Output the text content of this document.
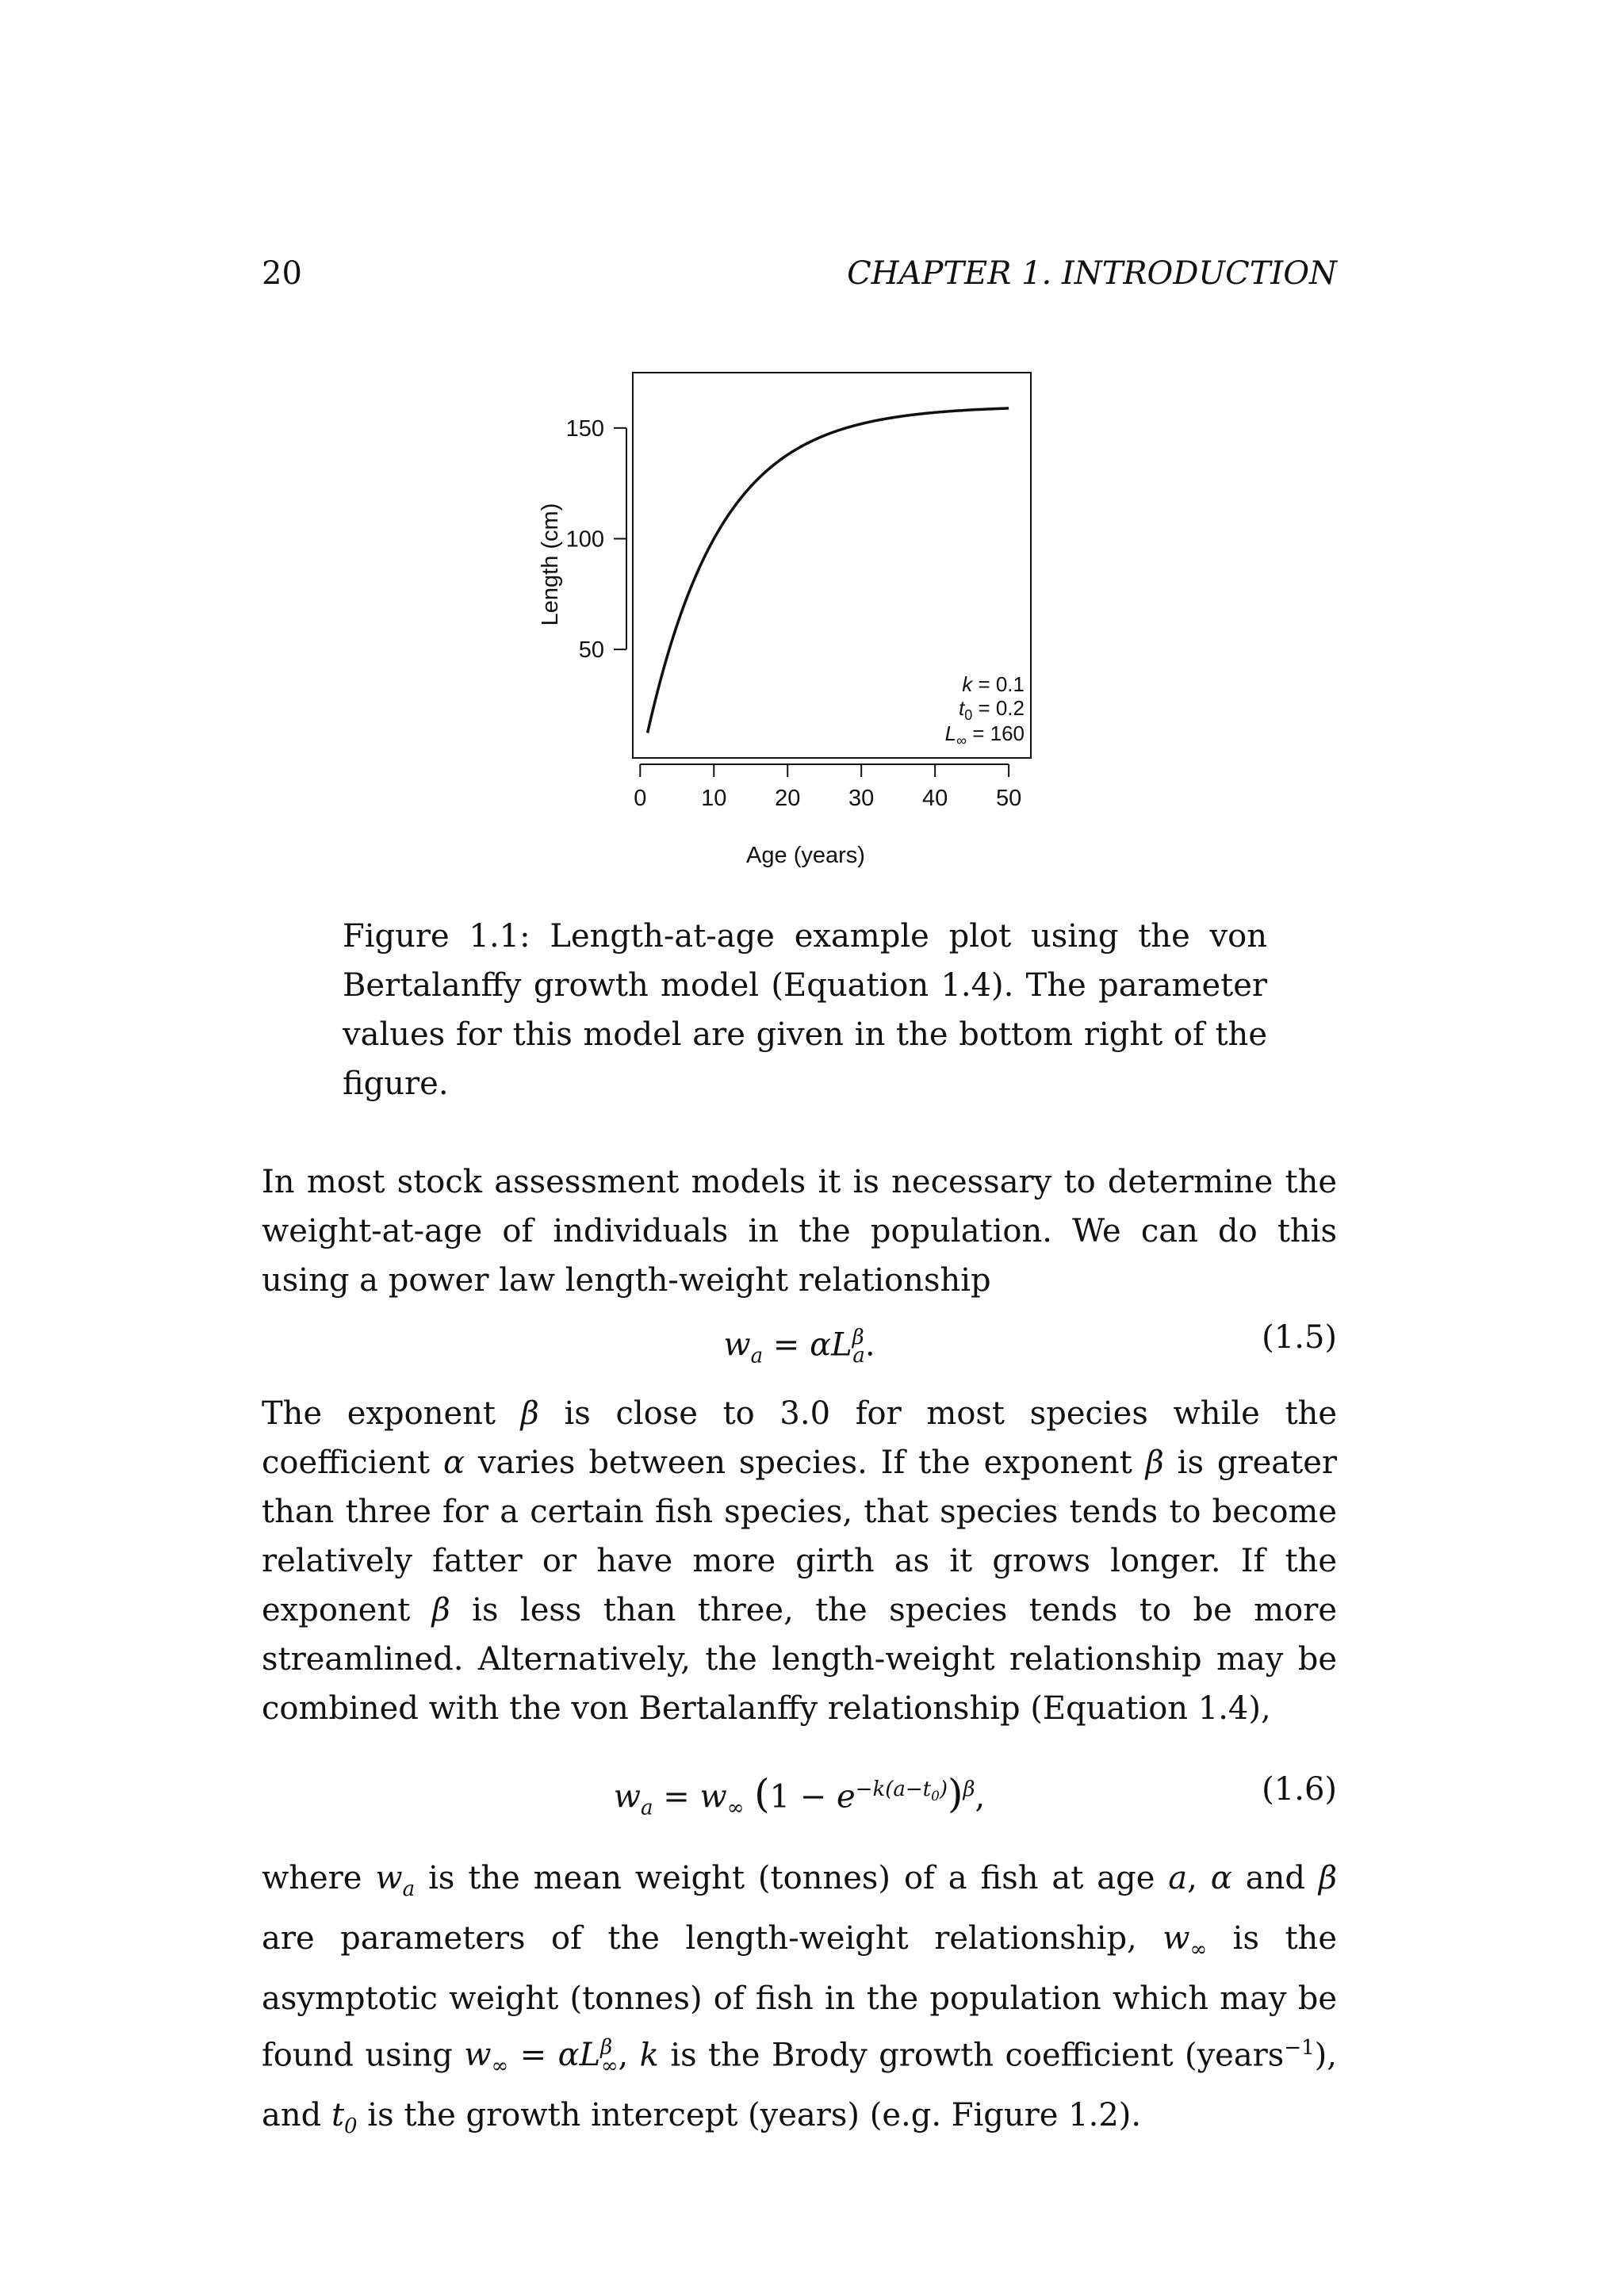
20	CHAPTER 1. INTRODUCTION
0 10 20 30 40 50
50
100
150
Age (years)
Length (cm)
k = 0.1
$t_0 = 0.2$
$L_\infty = 160$

Figure 1.1: Length-at-age example plot using the von Bertalanffy growth model (Equation 1.4). The parameter values for this model are given in the bottom right of the figure.

In most stock assessment models it is necessary to determine the weight-at-age of individuals in the population. We can do this using a power law length-weight relationship

$w_a = \alpha L^\beta_a$.	(1.5)

The exponent β is close to 3.0 for most species while the coefficient α varies between species. If the exponent β is greater than three for a certain fish species, that species tends to become relatively fatter or have more girth as it grows longer. If the exponent β is less than three, the species tends to be more streamlined. Alternatively, the length-weight relationship may be combined with the von Bertalanffy relationship (Equation 1.4),

$w_a = w_\infty$ $(1 - e^{-k(a-t_0)})^\beta$,	(1.6)

where $w_a$ is the mean weight (tonnes) of a fish at age a, α and β are parameters of the length-weight relationship, $w_\infty$ is the asymptotic weight (tonnes) of fish in the population which may be found using $w_\infty = \alpha L^\beta_\infty$, k is the Brody growth coefficient (years$^{-1}$), and $t_0$ is the growth intercept (years) (e.g. Figure 1.2).
